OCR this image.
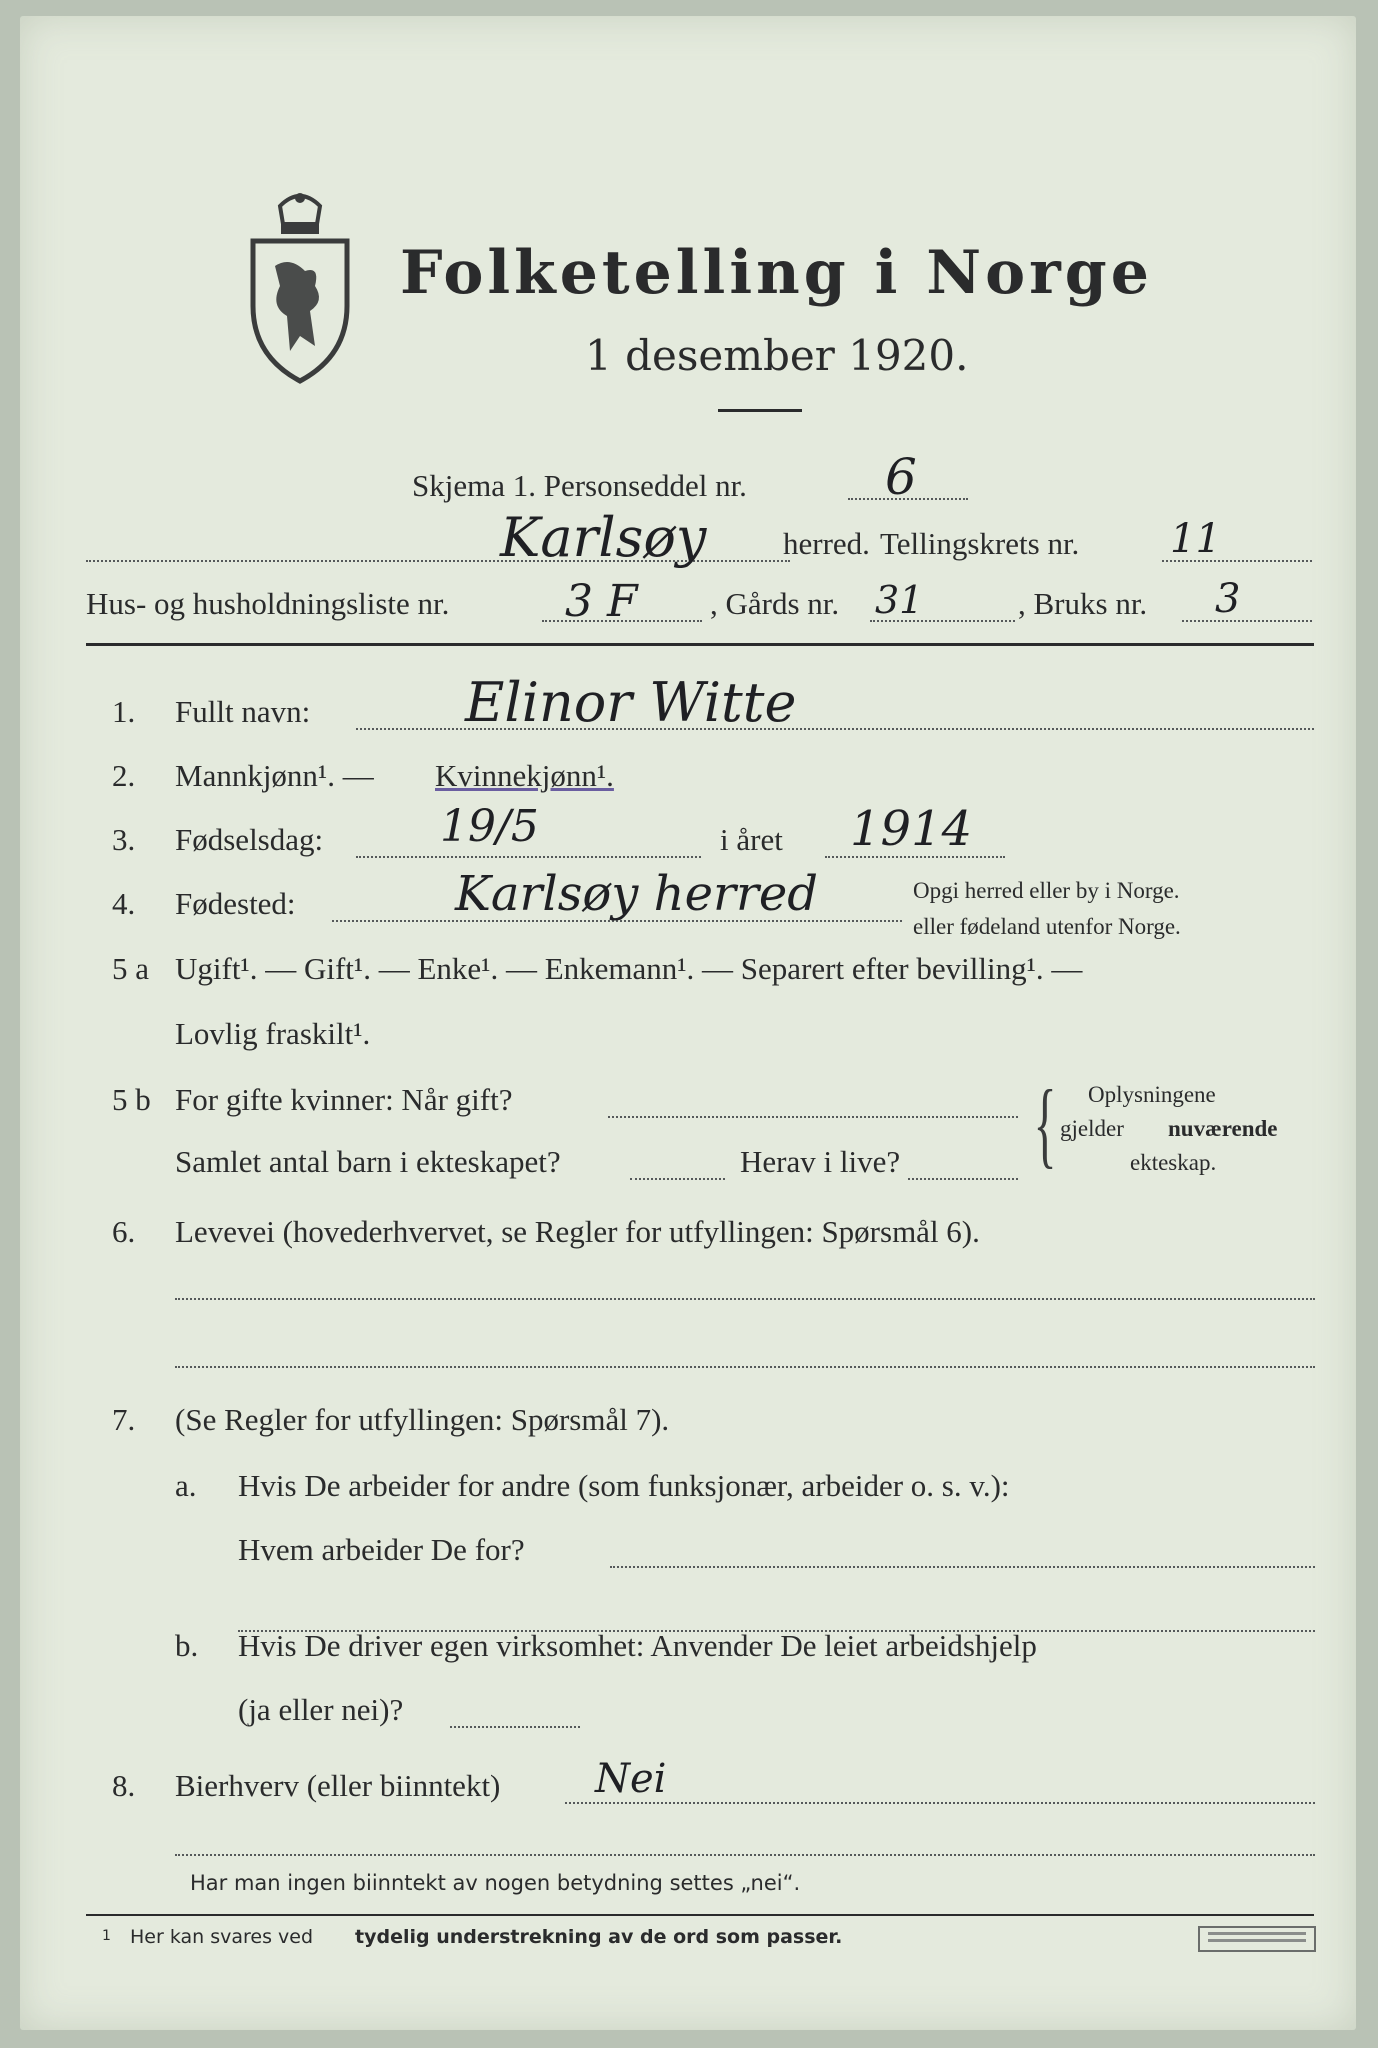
Folketelling i Norge
1 desember 1920.
Skjema 1. Personseddel nr.	6
Karlsøy herred. Tellingskrets nr. 11
Hus- og husholdningsliste nr.	3 F , Gårds nr. 31	, Bruks nr. 3
1. Fullt navn:	Elinor Witte
2. Mannkjønn¹. — Kvinnekjønn¹.
3. Fødselsdag:	19/5	i året 1914
4. Fødested:	Karlsøy herred	Opgi herred eller by i Norge.
eller fødeland utenfor Norge.
5 a Ugift¹. — Gift¹. — Enke¹. — Enkemann¹. — Separert efter bevilling¹. —
Lovlig fraskilt¹.
5 b For gifte kvinner: Når gift?
Samlet antal barn i ekteskapet?	Herav i live? { Oplysningene
gjelder nuværende
ekteskap.
6. Levevei (hovederhvervet, se Regler for utfyllingen: Spørsmål 6).
7. (Se Regler for utfyllingen: Spørsmål 7).
a. Hvis De arbeider for andre (som funksjonær, arbeider o. s. v.):
Hvem arbeider De for?
b. Hvis De driver egen virksomhet: Anvender De leiet arbeidshjelp
(ja eller nei)?
8. Bierhverv (eller biinntekt) Nei
Har man ingen biinntekt av nogen betydning settes „nei“.
1 Her kan svares ved tydelig understrekning av de ord som passer.
